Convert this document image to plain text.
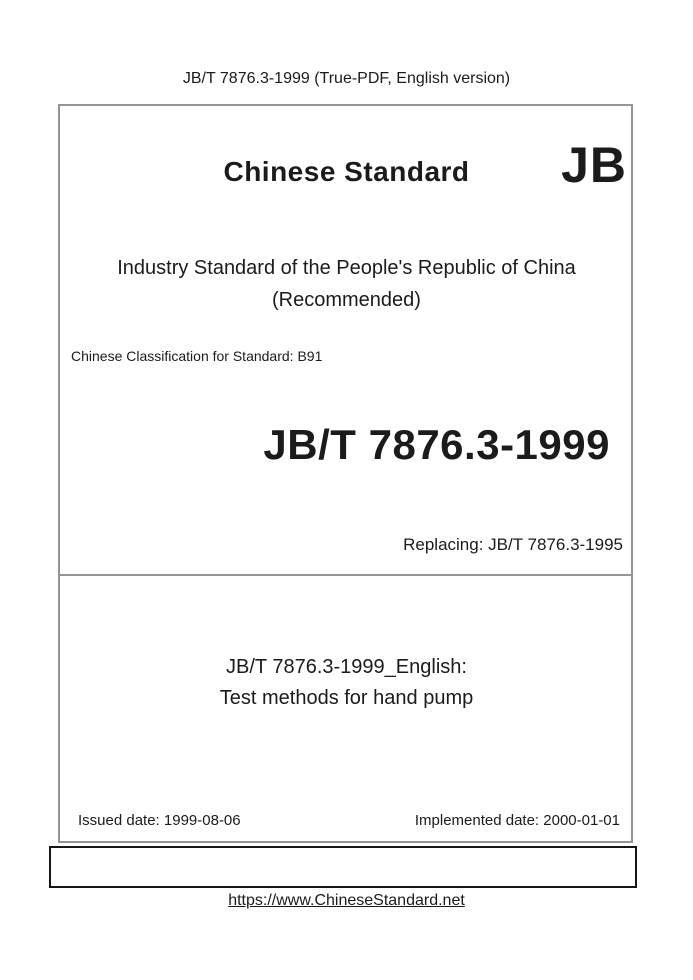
JB/T 7876.3-1999 (True-PDF, English version)
Chinese Standard	JB
Industry Standard of the People's Republic of China
(Recommended)
Chinese Classification for Standard: B91
JB/T 7876.3-1999
Replacing: JB/T 7876.3-1995
JB/T 7876.3-1999_English:
Test methods for hand pump
Issued date: 1999-08-06	Implemented date: 2000-01-01
https://www.ChineseStandard.net
